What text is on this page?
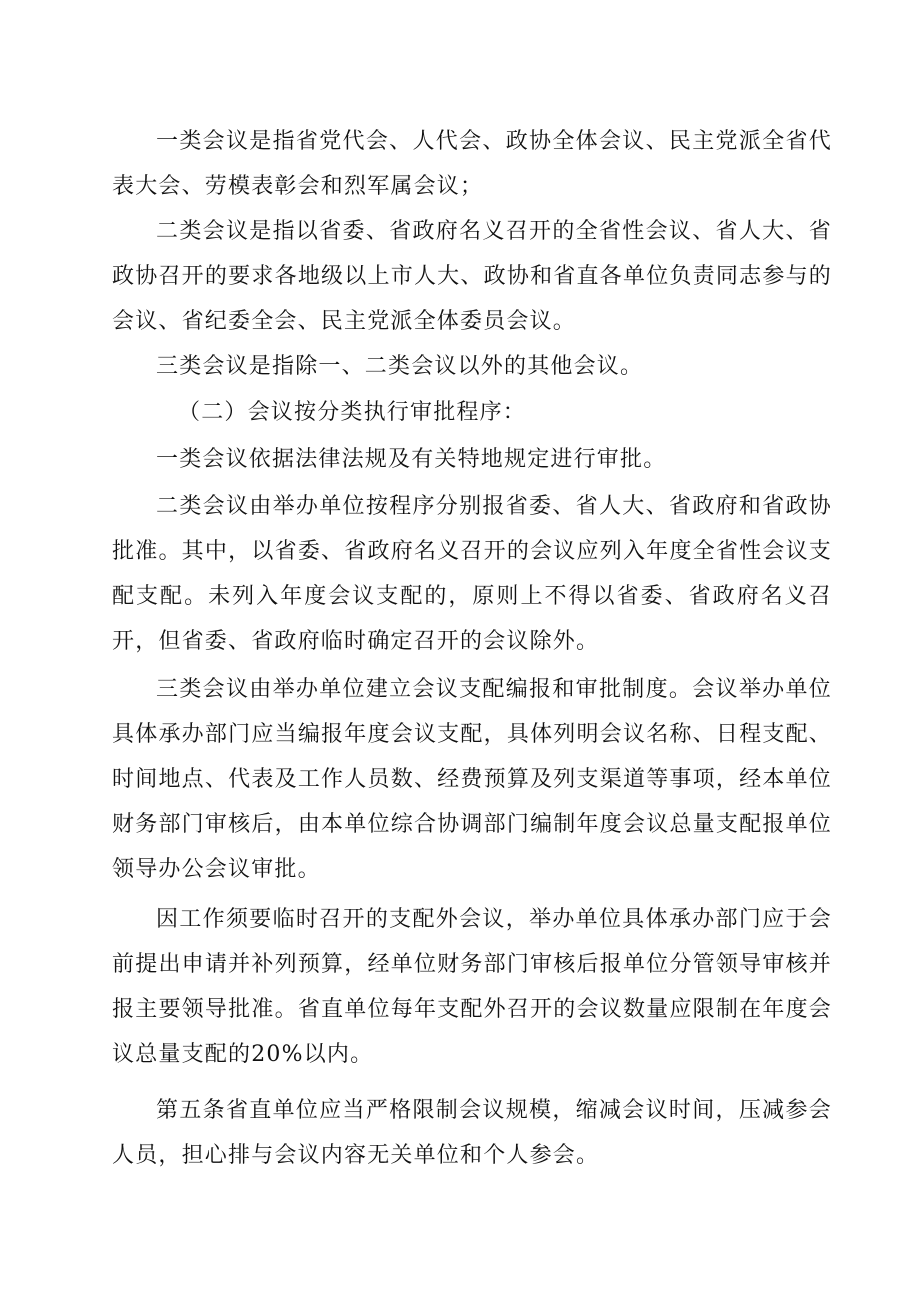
一类会议是指省党代会、人代会、政协全体会议、民主党派全省代表大会、劳模表彰会和烈军属会议；

二类会议是指以省委、省政府名义召开的全省性会议、省人大、省政协召开的要求各地级以上市人大、政协和省直各单位负责同志参与的会议、省纪委全会、民主党派全体委员会议。

三类会议是指除一、二类会议以外的其他会议。

（二）会议按分类执行审批程序：

一类会议依据法律法规及有关特地规定进行审批。

二类会议由举办单位按程序分别报省委、省人大、省政府和省政协批准。其中，以省委、省政府名义召开的会议应列入年度全省性会议支配支配。未列入年度会议支配的，原则上不得以省委、省政府名义召开，但省委、省政府临时确定召开的会议除外。

三类会议由举办单位建立会议支配编报和审批制度。会议举办单位具体承办部门应当编报年度会议支配，具体列明会议名称、日程支配、时间地点、代表及工作人员数、经费预算及列支渠道等事项，经本单位财务部门审核后，由本单位综合协调部门编制年度会议总量支配报单位领导办公会议审批。

因工作须要临时召开的支配外会议，举办单位具体承办部门应于会前提出申请并补列预算，经单位财务部门审核后报单位分管领导审核并报主要领导批准。省直单位每年支配外召开的会议数量应限制在年度会议总量支配的20%以内。

第五条省直单位应当严格限制会议规模，缩减会议时间，压减参会人员，担心排与会议内容无关单位和个人参会。
